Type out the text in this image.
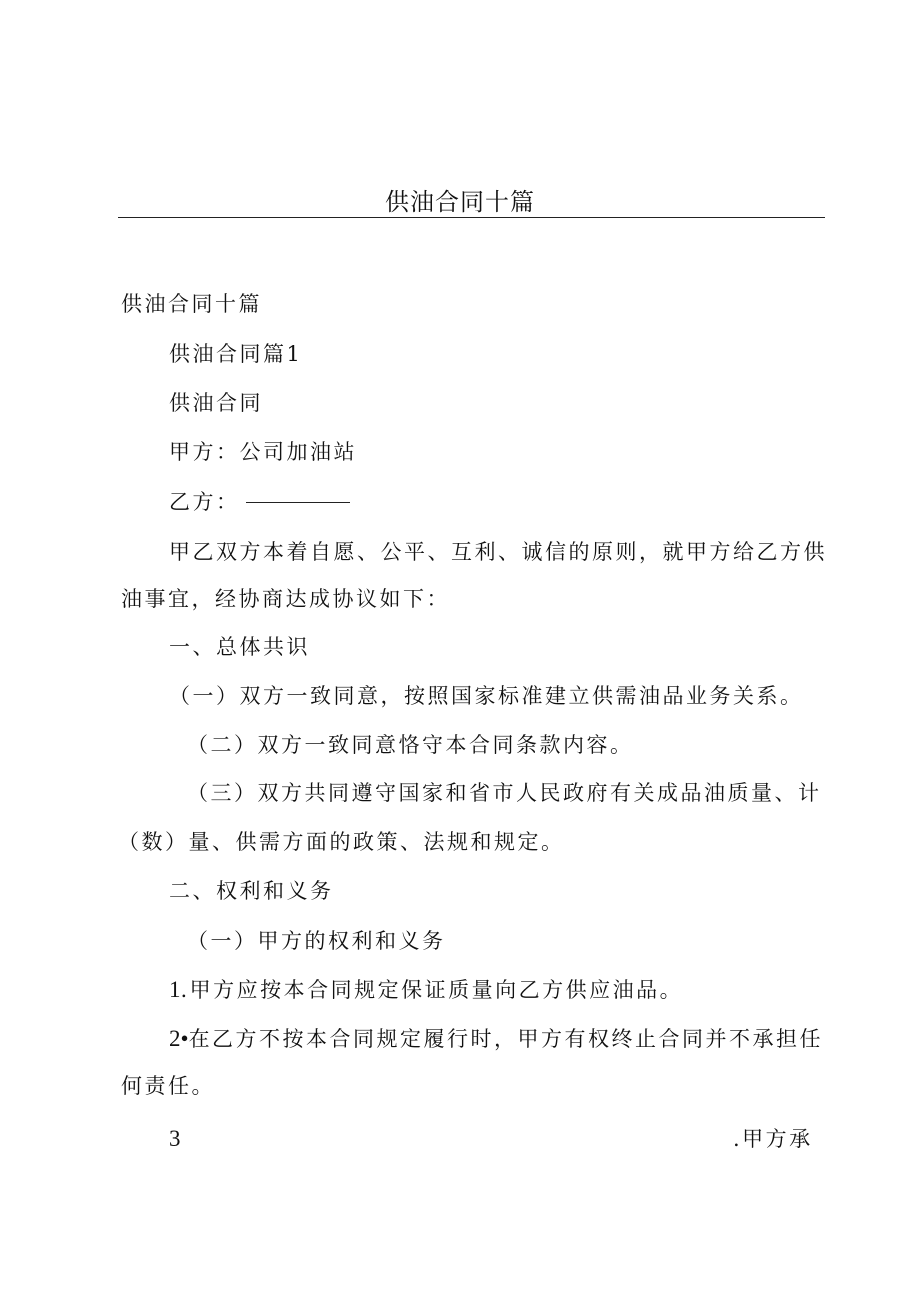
供油合同十篇
供油合同十篇
供油合同篇1
供油合同
甲方：公司加油站
乙方：
甲乙双方本着自愿、公平、互利、诚信的原则，就甲方给乙方供
油事宜，经协商达成协议如下：
一、总体共识
（一）双方一致同意，按照国家标准建立供需油品业务关系。
（二）双方一致同意恪守本合同条款内容。
（三）双方共同遵守国家和省市人民政府有关成品油质量、计
（数）量、供需方面的政策、法规和规定。
二、权利和义务
（一）甲方的权利和义务
1.甲方应按本合同规定保证质量向乙方供应油品。
2•在乙方不按本合同规定履行时，甲方有权终止合同并不承担任
何责任。
3	.甲方承
